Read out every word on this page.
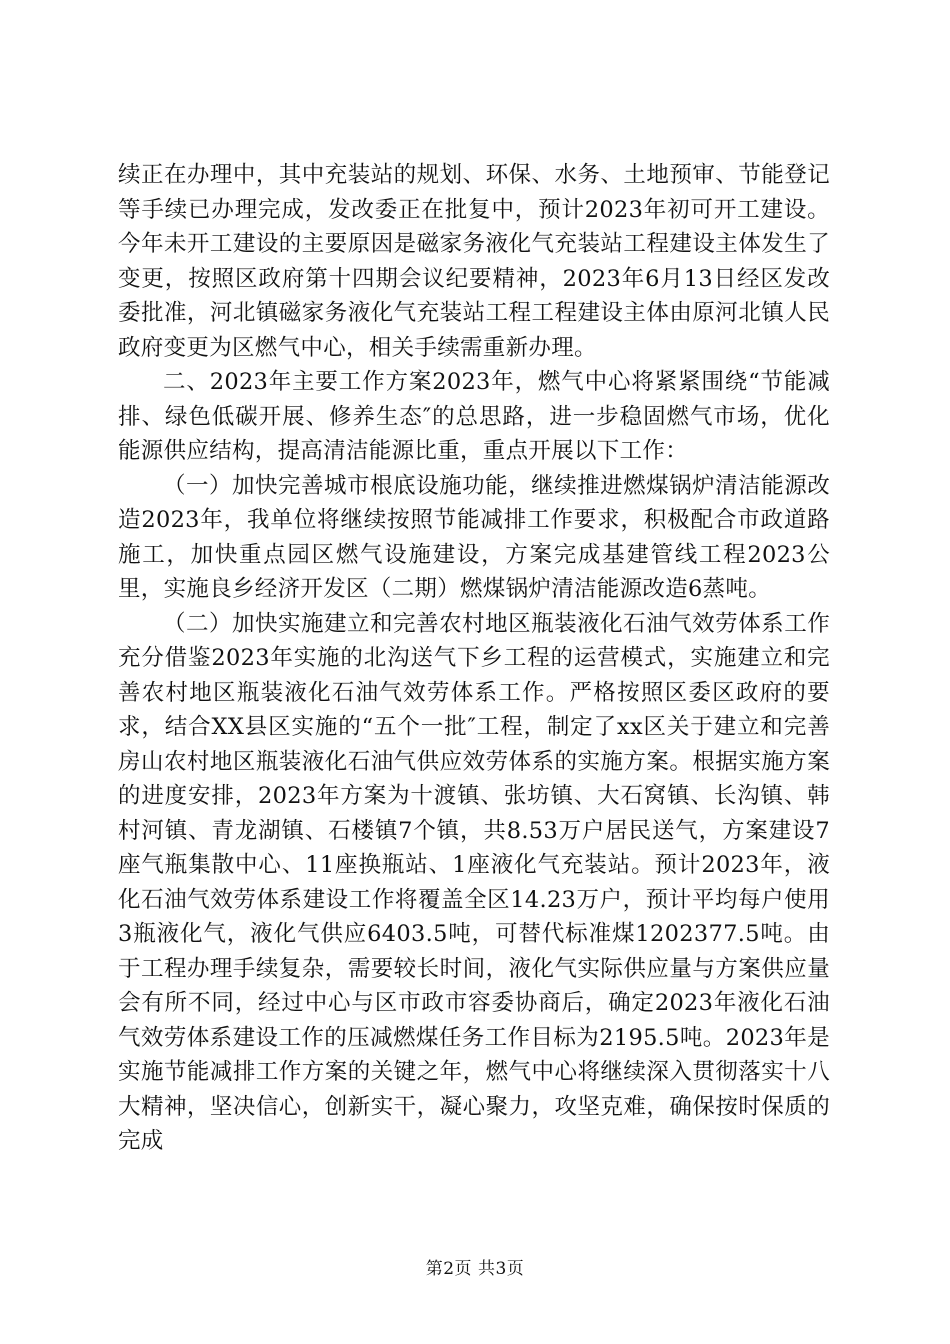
续正在办理中，其中充装站的规划、环保、水务、土地预审、节能登记等手续已办理完成，发改委正在批复中，预计2023年初可开工建设。今年未开工建设的主要原因是磁家务液化气充装站工程建设主体发生了变更，按照区政府第十四期会议纪要精神，2023年6月13日经区发改委批准，河北镇磁家务液化气充装站工程工程建设主体由原河北镇人民政府变更为区燃气中心，相关手续需重新办理。

二、2023年主要工作方案2023年，燃气中心将紧紧围绕“节能减排、绿色低碳开展、修养生态″的总思路，进一步稳固燃气市场，优化能源供应结构，提高清洁能源比重，重点开展以下工作：

（一）加快完善城市根底设施功能，继续推进燃煤锅炉清洁能源改造2023年，我单位将继续按照节能减排工作要求，积极配合市政道路施工，加快重点园区燃气设施建设，方案完成基建管线工程2023公里，实施良乡经济开发区（二期）燃煤锅炉清洁能源改造6蒸吨。

（二）加快实施建立和完善农村地区瓶装液化石油气效劳体系工作充分借鉴2023年实施的北沟送气下乡工程的运营模式，实施建立和完善农村地区瓶装液化石油气效劳体系工作。严格按照区委区政府的要求，结合XX县区实施的“五个一批″工程，制定了xx区关于建立和完善房山农村地区瓶装液化石油气供应效劳体系的实施方案。根据实施方案的进度安排，2023年方案为十渡镇、张坊镇、大石窝镇、长沟镇、韩村河镇、青龙湖镇、石楼镇7个镇，共8.53万户居民送气，方案建设7座气瓶集散中心、11座换瓶站、1座液化气充装站。预计2023年，液化石油气效劳体系建设工作将覆盖全区14.23万户，预计平均每户使用3瓶液化气，液化气供应6403.5吨，可替代标准煤1202377.5吨。由于工程办理手续复杂，需要较长时间，液化气实际供应量与方案供应量会有所不同，经过中心与区市政市容委协商后，确定2023年液化石油气效劳体系建设工作的压减燃煤任务工作目标为2195.5吨。2023年是实施节能减排工作方案的关键之年，燃气中心将继续深入贯彻落实十八大精神，坚决信心，创新实干，凝心聚力，攻坚克难，确保按时保质的完成

第2页 共3页
